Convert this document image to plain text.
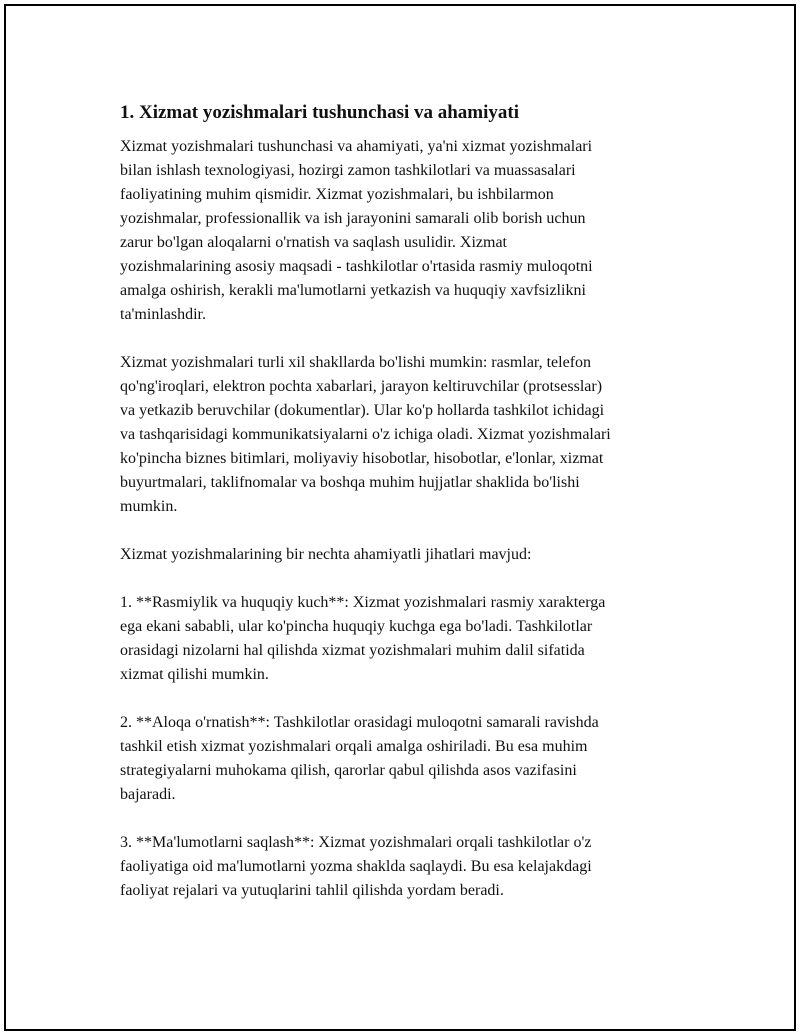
1. Xizmat yozishmalari tushunchasi va ahamiyati

Xizmat yozishmalari tushunchasi va ahamiyati, ya'ni xizmat yozishmalari
bilan ishlash texnologiyasi, hozirgi zamon tashkilotlari va muassasalari
faoliyatining muhim qismidir. Xizmat yozishmalari, bu ishbilarmon
yozishmalar, professionallik va ish jarayonini samarali olib borish uchun
zarur bo'lgan aloqalarni o'rnatish va saqlash usulidir. Xizmat
yozishmalarining asosiy maqsadi - tashkilotlar o'rtasida rasmiy muloqotni
amalga oshirish, kerakli ma'lumotlarni yetkazish va huquqiy xavfsizlikni
ta'minlashdir.

Xizmat yozishmalari turli xil shakllarda bo'lishi mumkin: rasmlar, telefon
qo'ng'iroqlari, elektron pochta xabarlari, jarayon keltiruvchilar (protsesslar)
va yetkazib beruvchilar (dokumentlar). Ular ko'p hollarda tashkilot ichidagi
va tashqarisidagi kommunikatsiyalarni o'z ichiga oladi. Xizmat yozishmalari
ko'pincha biznes bitimlari, moliyaviy hisobotlar, hisobotlar, e'lonlar, xizmat
buyurtmalari, taklifnomalar va boshqa muhim hujjatlar shaklida bo'lishi
mumkin.

Xizmat yozishmalarining bir nechta ahamiyatli jihatlari mavjud:

1. **Rasmiylik va huquqiy kuch**: Xizmat yozishmalari rasmiy xarakterga
ega ekani sababli, ular ko'pincha huquqiy kuchga ega bo'ladi. Tashkilotlar
orasidagi nizolarni hal qilishda xizmat yozishmalari muhim dalil sifatida
xizmat qilishi mumkin.

2. **Aloqa o'rnatish**: Tashkilotlar orasidagi muloqotni samarali ravishda
tashkil etish xizmat yozishmalari orqali amalga oshiriladi. Bu esa muhim
strategiyalarni muhokama qilish, qarorlar qabul qilishda asos vazifasini
bajaradi.

3. **Ma'lumotlarni saqlash**: Xizmat yozishmalari orqali tashkilotlar o'z
faoliyatiga oid ma'lumotlarni yozma shaklda saqlaydi. Bu esa kelajakdagi
faoliyat rejalari va yutuqlarini tahlil qilishda yordam beradi.
